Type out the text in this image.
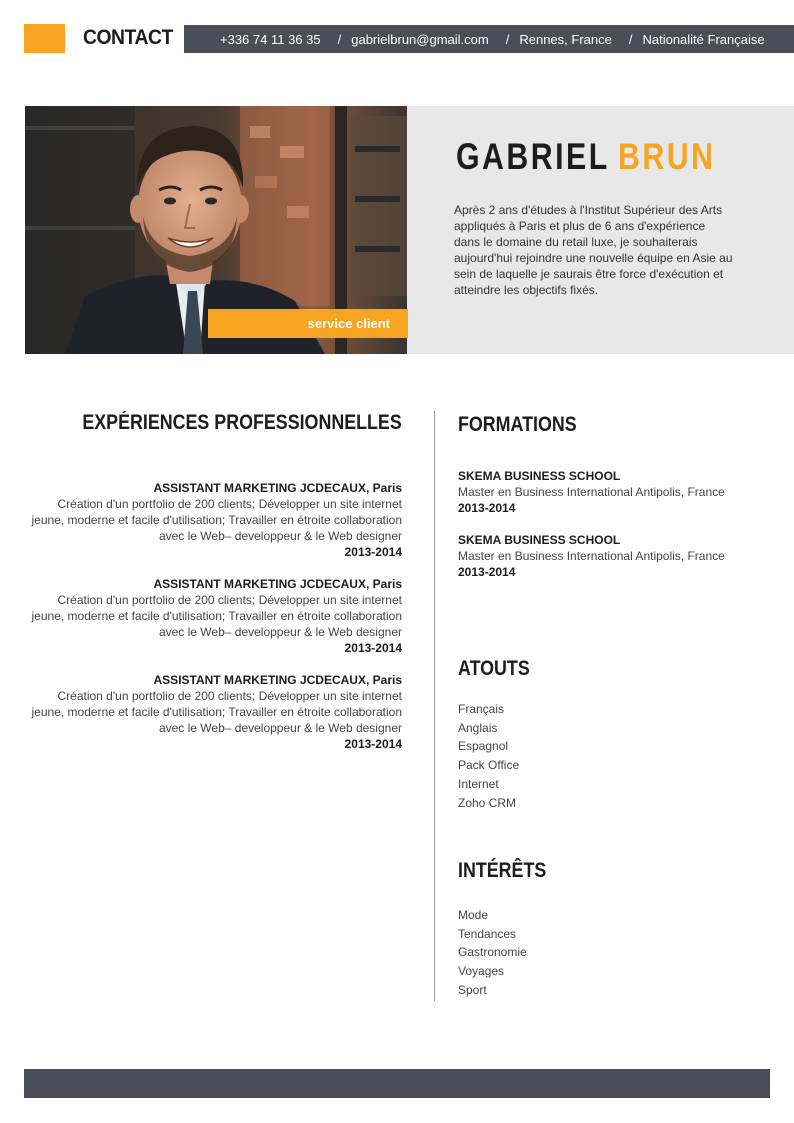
CONTACT	+336 74 11 36 35 / gabrielbrun@gmail.com / Rennes, France / Nationalité Française
service client
GABRIEL BRUN
Après 2 ans d'études à l'Institut Supérieur des Arts appliqués à Paris et plus de 6 ans d'expérience dans le domaine du retail luxe, je souhaiterais aujourd'hui rejoindre une nouvelle équipe en Asie au sein de laquelle je saurais être force d'exécution et atteindre les objectifs fixés.
EXPÉRIENCES PROFESSIONNELLES
ASSISTANT MARKETING JCDECAUX, Paris
Création d'un portfolio de 200 clients; Développer un site internet jeune, moderne et facile d'utilisation; Travailler en étroite collaboration avec le Web– developpeur & le Web designer
2013-2014
ASSISTANT MARKETING JCDECAUX, Paris
Création d'un portfolio de 200 clients; Développer un site internet jeune, moderne et facile d'utilisation; Travailler en étroite collaboration avec le Web– developpeur & le Web designer
2013-2014
ASSISTANT MARKETING JCDECAUX, Paris
Création d'un portfolio de 200 clients; Développer un site internet jeune, moderne et facile d'utilisation; Travailler en étroite collaboration avec le Web– developpeur & le Web designer
2013-2014
FORMATIONS
SKEMA BUSINESS SCHOOL
Master en Business International Antipolis, France
2013-2014
SKEMA BUSINESS SCHOOL
Master en Business International Antipolis, France
2013-2014
ATOUTS
Français
Anglais
Espagnol
Pack Office
Internet
Zoho CRM
INTÉRÊTS
Mode
Tendances
Gastronomie
Voyages
Sport
